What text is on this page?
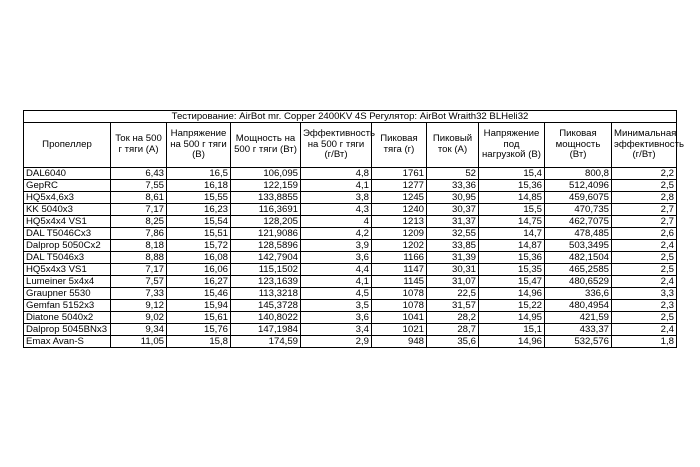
Тестирование: AirBot mr. Copper 2400KV 4S Регулятор: AirBot Wraith32 BLHeli32									
Пропеллер	Ток на 500 г тяги (А)	Напряжение на 500 г тяги (В)	Мощность на 500 г тяги (Вт)	Эффективность на 500 г тяги (г/Вт)	Пиковая тяга (г)	Пиковый ток (А)	Напряжение под нагрузкой (В)	Пиковая мощность (Вт)	Минимальная эффективность (г/Вт)
DAL6040	6,43	16,5	106,095	4,8	1761	52	15,4	800,8	2,2
GepRC	7,55	16,18	122,159	4,1	1277	33,36	15,36	512,4096	2,5
HQ5x4,6x3	8,61	15,55	133,8855	3,8	1245	30,95	14,85	459,6075	2,8
KK 5040x3	7,17	16,23	116,3691	4,3	1240	30,37	15,5	470,735	2,7
HQ5x4x4 VS1	8,25	15,54	128,205	4	1213	31,37	14,75	462,7075	2,7
DAL T5046Cx3	7,86	15,51	121,9086	4,2	1209	32,55	14,7	478,485	2,6
Dalprop 5050Cx2	8,18	15,72	128,5896	3,9	1202	33,85	14,87	503,3495	2,4
DAL T5046x3	8,88	16,08	142,7904	3,6	1166	31,39	15,36	482,1504	2,5
HQ5x4x3 VS1	7,17	16,06	115,1502	4,4	1147	30,31	15,35	465,2585	2,5
Lumeiner 5x4x4	7,57	16,27	123,1639	4,1	1145	31,07	15,47	480,6529	2,4
Graupner 5530	7,33	15,46	113,3218	4,5	1078	22,5	14,96	336,6	3,3
Gemfan 5152x3	9,12	15,94	145,3728	3,5	1078	31,57	15,22	480,4954	2,3
Diatone 5040x2	9,02	15,61	140,8022	3,6	1041	28,2	14,95	421,59	2,5
Dalprop 5045BNx3	9,34	15,76	147,1984	3,4	1021	28,7	15,1	433,37	2,4
Emax Avan-S	11,05	15,8	174,59	2,9	948	35,6	14,96	532,576	1,8
